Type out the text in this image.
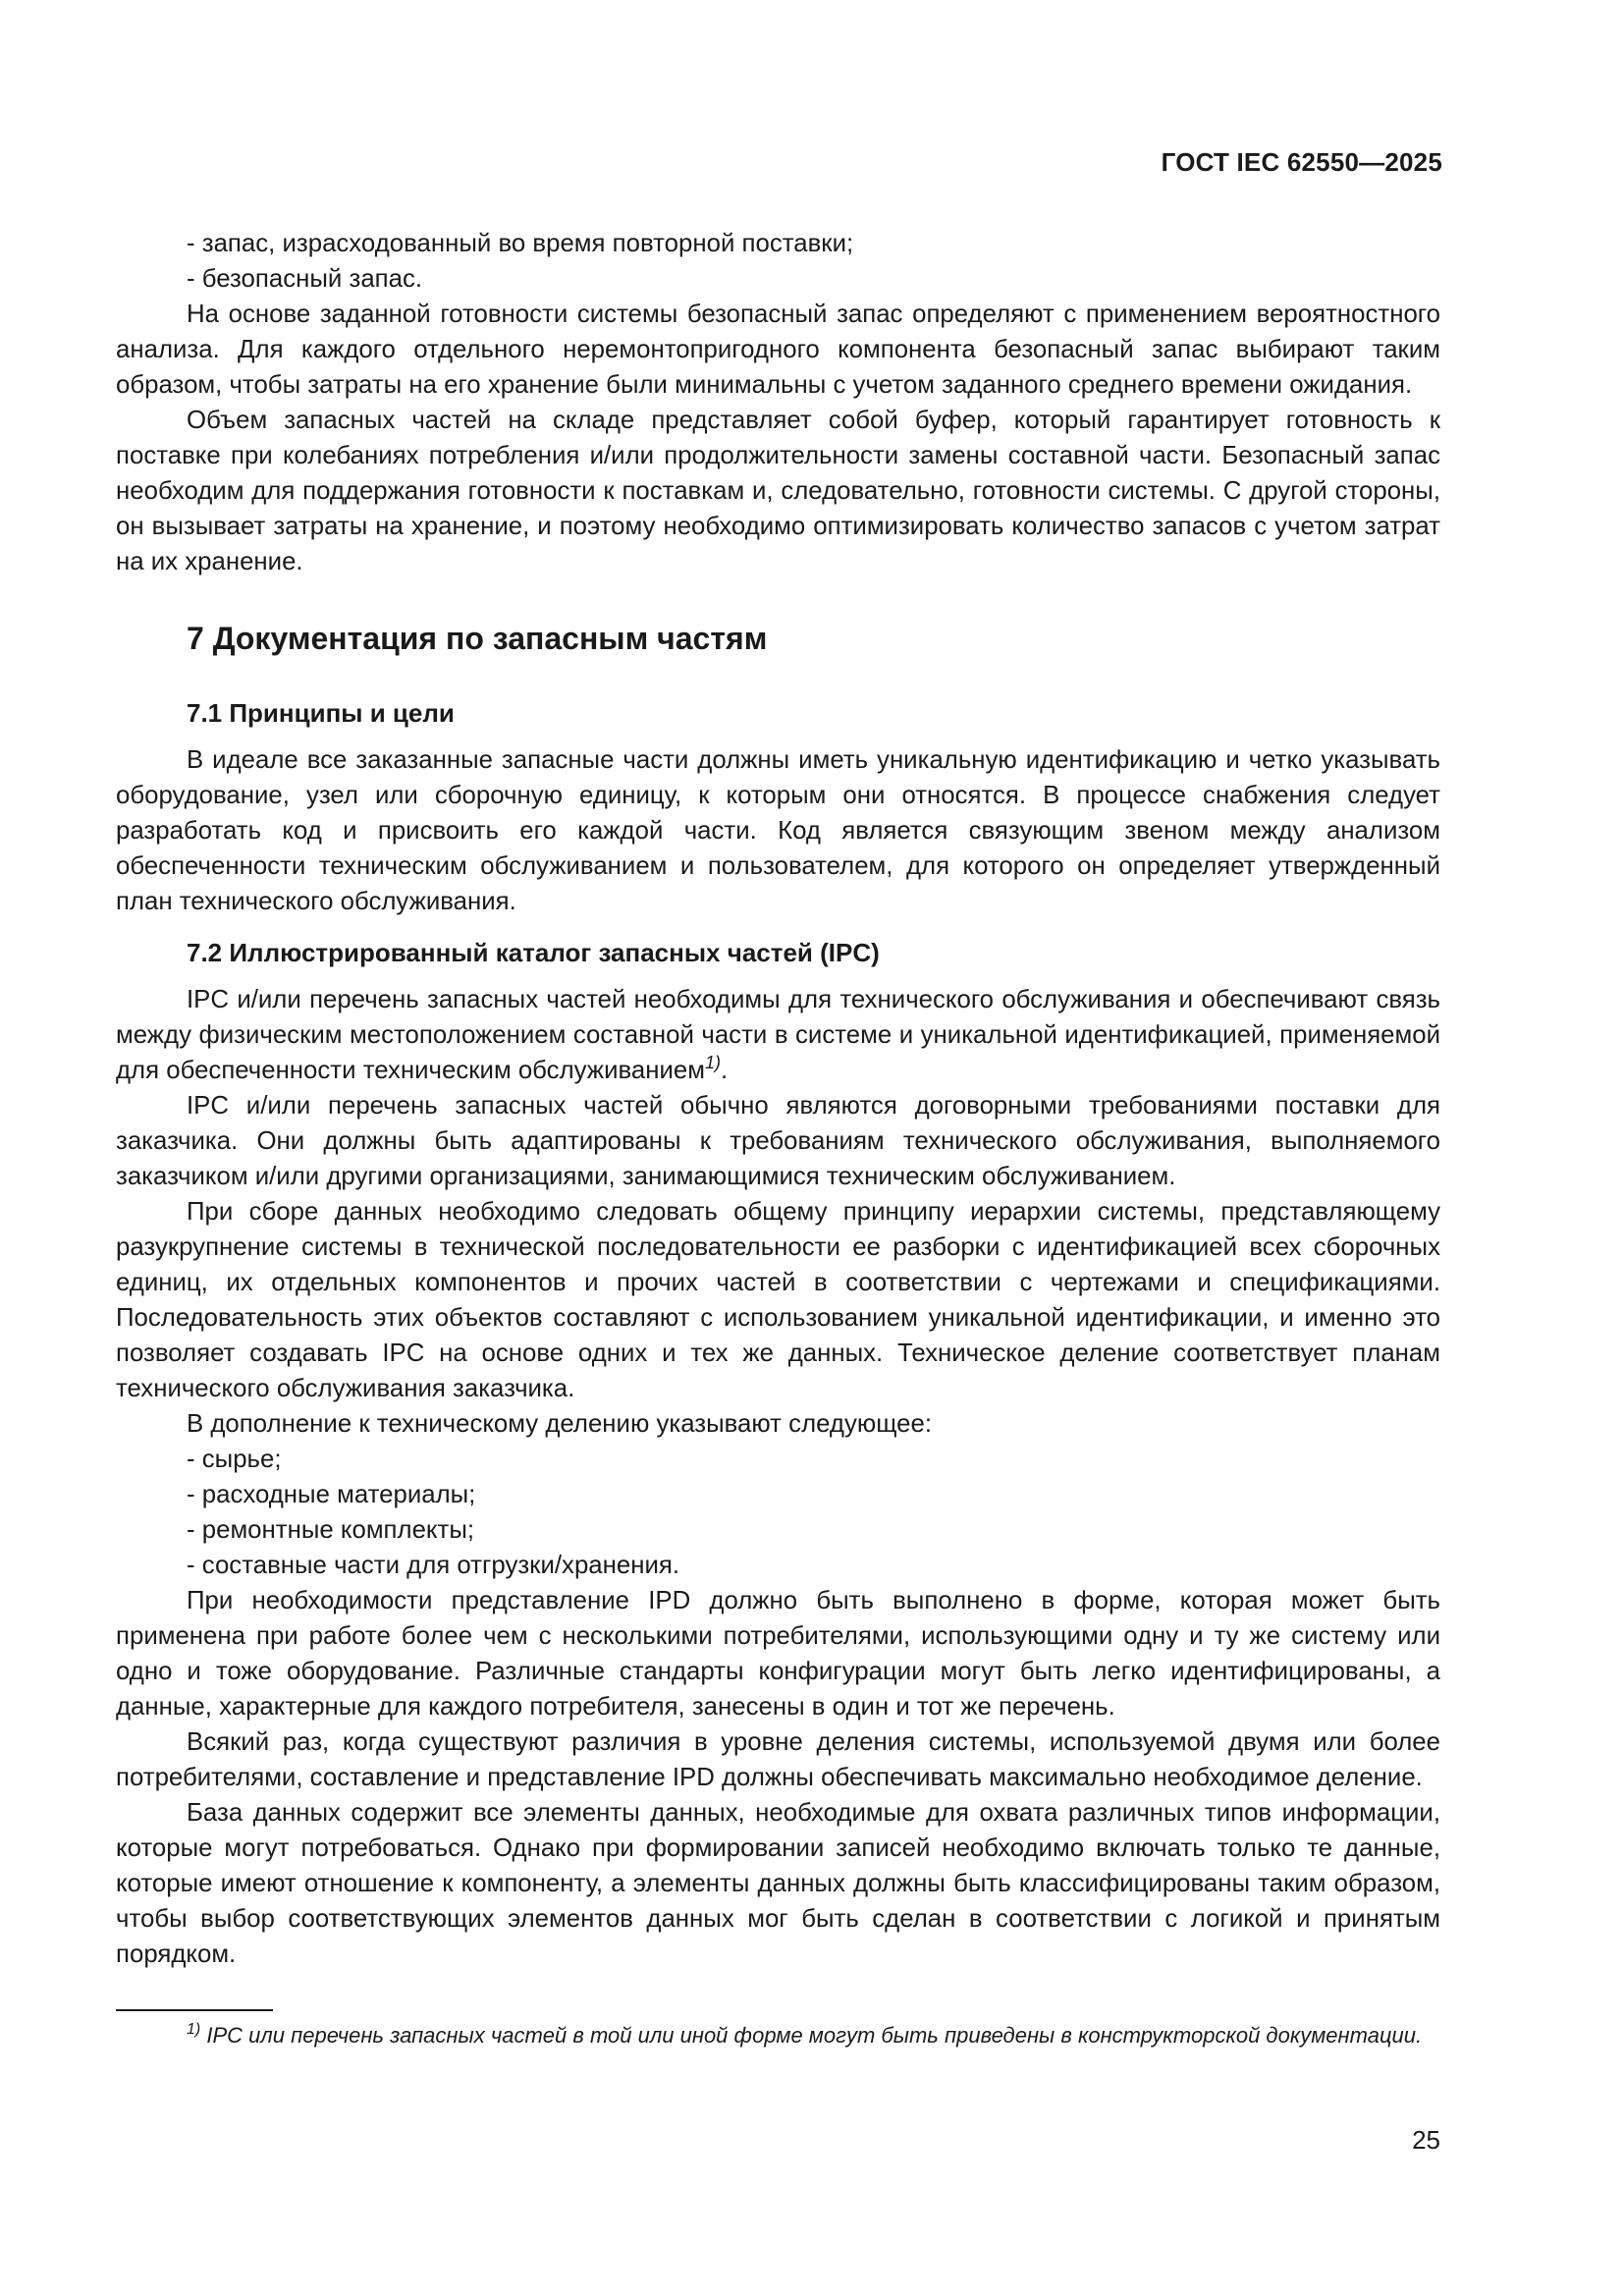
ГОСТ IEC 62550—2025

- запас, израсходованный во время повторной поставки;

- безопасный запас.

На основе заданной готовности системы безопасный запас определяют с применением вероятностного анализа. Для каждого отдельного неремонтопригодного компонента безопасный запас выбирают таким образом, чтобы затраты на его хранение были минимальны с учетом заданного среднего времени ожидания.

Объем запасных частей на складе представляет собой буфер, который гарантирует готовность к поставке при колебаниях потребления и/или продолжительности замены составной части. Безопасный запас необходим для поддержания готовности к поставкам и, следовательно, готовности системы. С другой стороны, он вызывает затраты на хранение, и поэтому необходимо оптимизировать количество запасов с учетом затрат на их хранение.

7 Документация по запасным частям

7.1 Принципы и цели

В идеале все заказанные запасные части должны иметь уникальную идентификацию и четко указывать оборудование, узел или сборочную единицу, к которым они относятся. В процессе снабжения следует разработать код и присвоить его каждой части. Код является связующим звеном между анализом обеспеченности техническим обслуживанием и пользователем, для которого он определяет утвержденный план технического обслуживания.

7.2 Иллюстрированный каталог запасных частей (IPC)

IPC и/или перечень запасных частей необходимы для технического обслуживания и обеспечивают связь между физическим местоположением составной части в системе и уникальной идентификацией, применяемой для обеспеченности техническим обслуживанием$^{1)}$.

IPC и/или перечень запасных частей обычно являются договорными требованиями поставки для заказчика. Они должны быть адаптированы к требованиям технического обслуживания, выполняемого заказчиком и/или другими организациями, занимающимися техническим обслуживанием.

При сборе данных необходимо следовать общему принципу иерархии системы, представляющему разукрупнение системы в технической последовательности ее разборки с идентификацией всех сборочных единиц, их отдельных компонентов и прочих частей в соответствии с чертежами и спецификациями. Последовательность этих объектов составляют с использованием уникальной идентификации, и именно это позволяет создавать IPC на основе одних и тех же данных. Техническое деление соответствует планам технического обслуживания заказчика.

В дополнение к техническому делению указывают следующее:

- сырье;

- расходные материалы;

- ремонтные комплекты;

- составные части для отгрузки/хранения.

При необходимости представление IPD должно быть выполнено в форме, которая может быть применена при работе более чем с несколькими потребителями, использующими одну и ту же систему или одно и тоже оборудование. Различные стандарты конфигурации могут быть легко идентифицированы, а данные, характерные для каждого потребителя, занесены в один и тот же перечень.

Всякий раз, когда существуют различия в уровне деления системы, используемой двумя или более потребителями, составление и представление IPD должны обеспечивать максимально необходимое деление.

База данных содержит все элементы данных, необходимые для охвата различных типов информации, которые могут потребоваться. Однако при формировании записей необходимо включать только те данные, которые имеют отношение к компоненту, а элементы данных должны быть классифицированы таким образом, чтобы выбор соответствующих элементов данных мог быть сделан в соответствии с логикой и принятым порядком.

$^{1)}$ IPC или перечень запасных частей в той или иной форме могут быть приведены в конструкторской документации.
25
